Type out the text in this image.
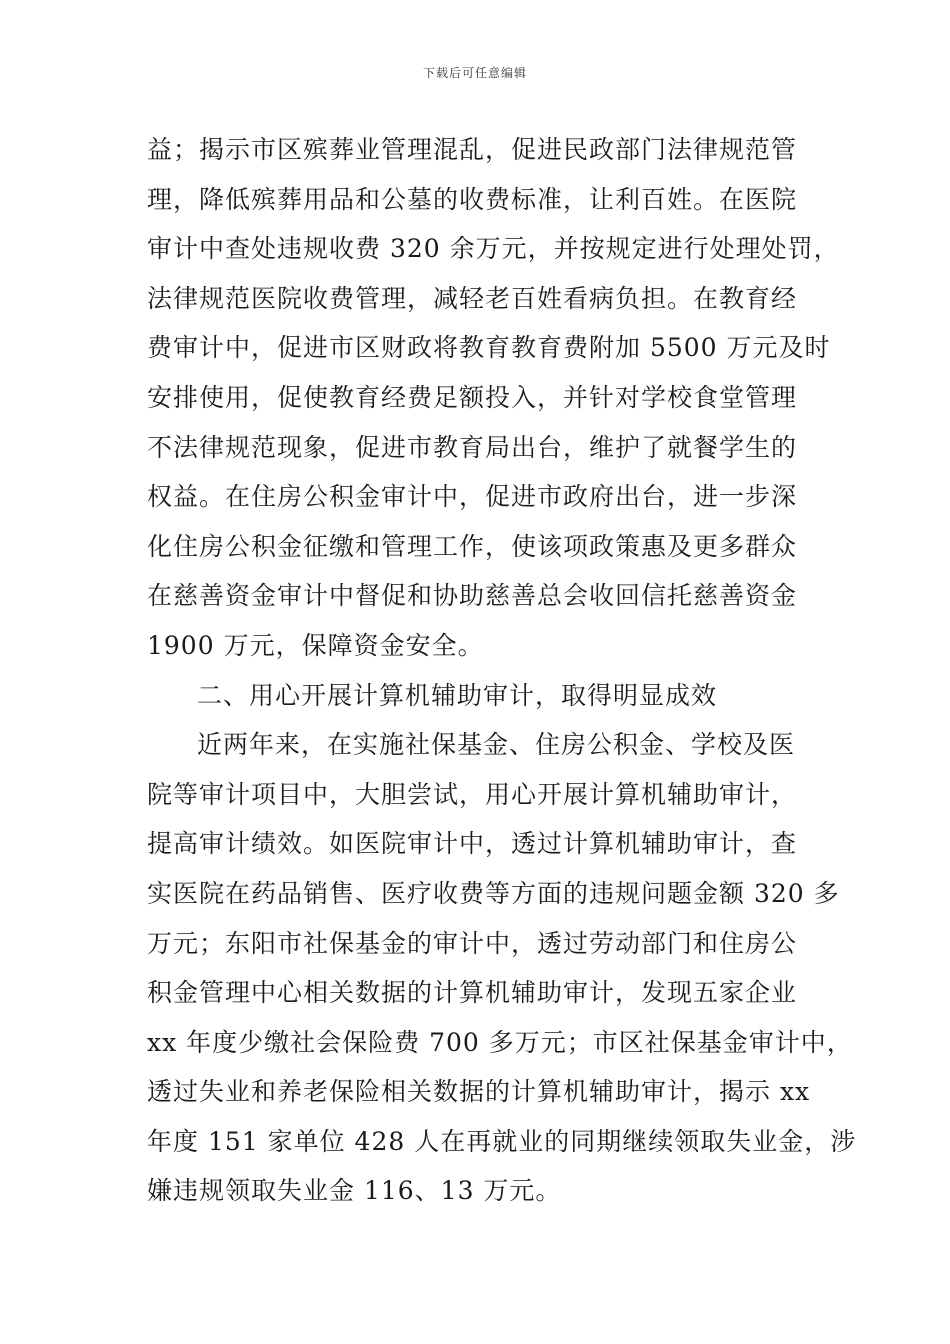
下载后可任意编辑
益；揭示市区殡葬业管理混乱，促进民政部门法律规范管
理，降低殡葬用品和公墓的收费标准，让利百姓。在医院
审计中查处违规收费 320 余万元，并按规定进行处理处罚，
法律规范医院收费管理，减轻老百姓看病负担。在教育经
费审计中，促进市区财政将教育教育费附加 5500 万元及时
安排使用，促使教育经费足额投入，并针对学校食堂管理
不法律规范现象，促进市教育局出台，维护了就餐学生的
权益。在住房公积金审计中，促进市政府出台，进一步深
化住房公积金征缴和管理工作，使该项政策惠及更多群众
在慈善资金审计中督促和协助慈善总会收回信托慈善资金
1900 万元，保障资金安全。
二、用心开展计算机辅助审计，取得明显成效
近两年来，在实施社保基金、住房公积金、学校及医
院等审计项目中，大胆尝试，用心开展计算机辅助审计，
提高审计绩效。如医院审计中，透过计算机辅助审计，查
实医院在药品销售、医疗收费等方面的违规问题金额 320 多
万元；东阳市社保基金的审计中，透过劳动部门和住房公
积金管理中心相关数据的计算机辅助审计，发现五家企业
xx 年度少缴社会保险费 700 多万元；市区社保基金审计中，
透过失业和养老保险相关数据的计算机辅助审计，揭示 xx
年度 151 家单位 428 人在再就业的同期继续领取失业金，涉
嫌违规领取失业金 116、13 万元。
